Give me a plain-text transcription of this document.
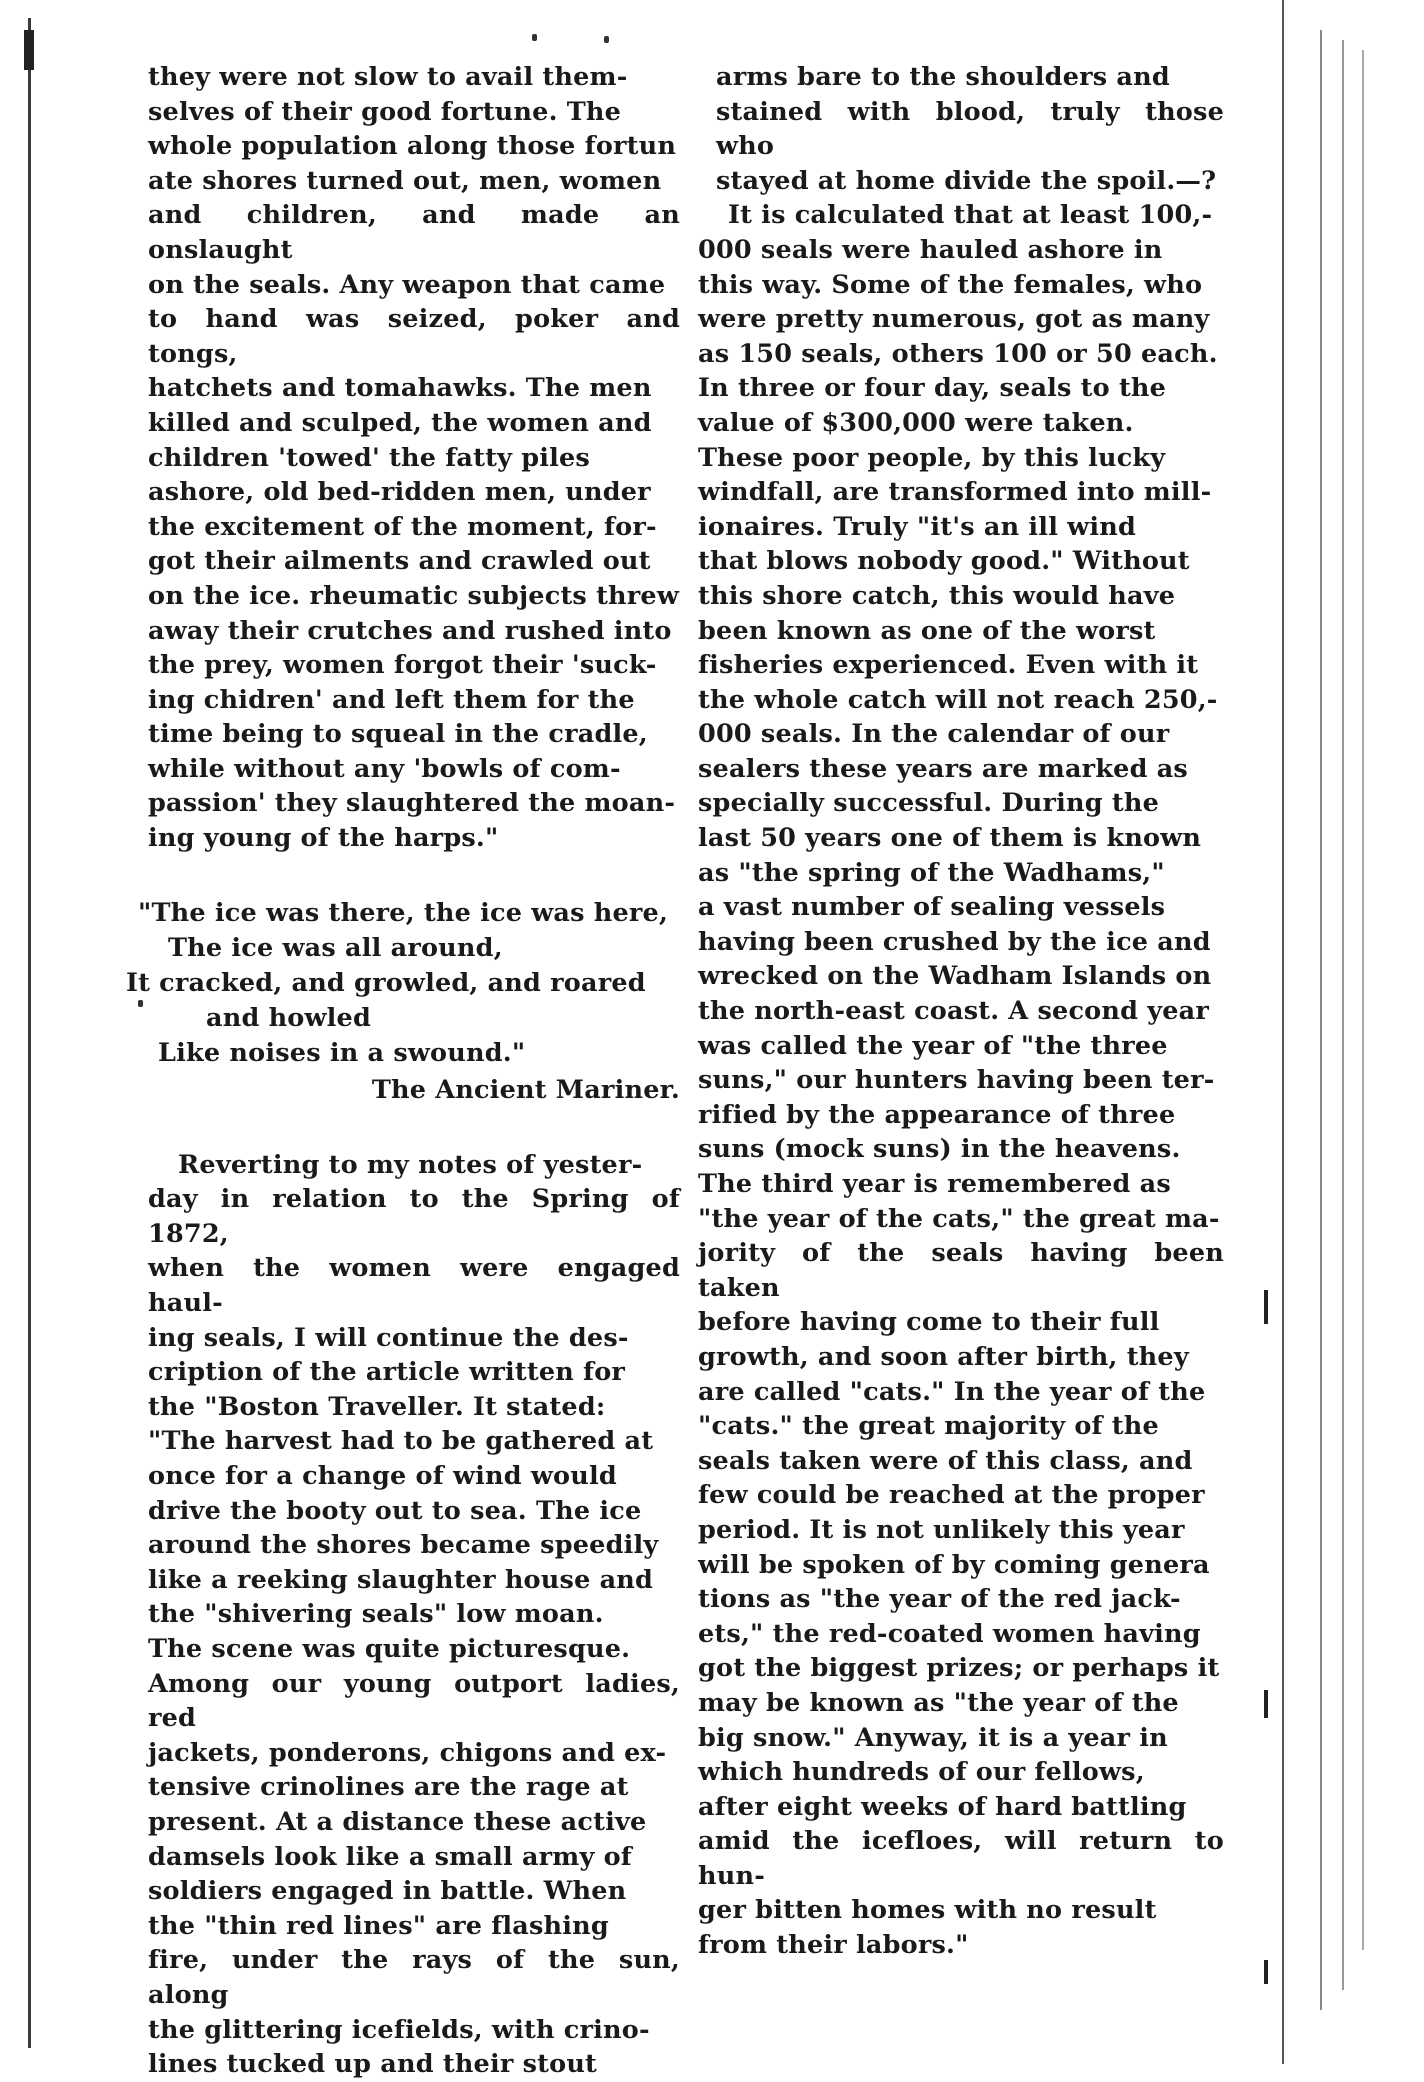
they were not slow to avail them-
selves of their good fortune. The
whole population along those fortun
ate shores turned out, men, women
and children, and made an onslaught
on the seals. Any weapon that came
to hand was seized, poker and tongs,
hatchets and tomahawks. The men
killed and sculped, the women and
children 'towed' the fatty piles
ashore, old bed-ridden men, under
the excitement of the moment, for-
got their ailments and crawled out
on the ice. rheumatic subjects threw
away their crutches and rushed into
the prey, women forgot their 'suck-
ing chidren' and left them for the
time being to squeal in the cradle,
while without any 'bowls of com-
passion' they slaughtered the moan-
ing young of the harps."

"The ice was there, the ice was here,
The ice was all around,
It cracked, and growled, and roared
and howled
Like noises in a swound."
The Ancient Mariner.

Reverting to my notes of yester-
day in relation to the Spring of 1872,
when the women were engaged haul-
ing seals, I will continue the des-
cription of the article written for
the "Boston Traveller. It stated:
"The harvest had to be gathered at
once for a change of wind would
drive the booty out to sea. The ice
around the shores became speedily
like a reeking slaughter house and
the "shivering seals" low moan.
The scene was quite picturesque.
Among our young outport ladies, red
jackets, ponderons, chigons and ex-
tensive crinolines are the rage at
present. At a distance these active
damsels look like a small army of
soldiers engaged in battle. When
the "thin red lines" are flashing
fire, under the rays of the sun, along
the glittering icefields, with crino-
lines tucked up and their stout

arms bare to the shoulders and
stained with blood, truly those who
stayed at home divide the spoil.—?

It is calculated that at least 100,-
000 seals were hauled ashore in
this way. Some of the females, who
were pretty numerous, got as many
as 150 seals, others 100 or 50 each.
In three or four day, seals to the
value of $300,000 were taken.
These poor people, by this lucky
windfall, are transformed into mill-
ionaires. Truly "it's an ill wind
that blows nobody good." Without
this shore catch, this would have
been known as one of the worst
fisheries experienced. Even with it
the whole catch will not reach 250,-
000 seals. In the calendar of our
sealers these years are marked as
specially successful. During the
last 50 years one of them is known
as "the spring of the Wadhams,"
a vast number of sealing vessels
having been crushed by the ice and
wrecked on the Wadham Islands on
the north-east coast. A second year
was called the year of "the three
suns," our hunters having been ter-
rified by the appearance of three
suns (mock suns) in the heavens.
The third year is remembered as
"the year of the cats," the great ma-
jority of the seals having been taken
before having come to their full
growth, and soon after birth, they
are called "cats." In the year of the
"cats." the great majority of the
seals taken were of this class, and
few could be reached at the proper
period. It is not unlikely this year
will be spoken of by coming genera
tions as "the year of the red jack-
ets," the red-coated women having
got the biggest prizes; or perhaps it
may be known as "the year of the
big snow." Anyway, it is a year in
which hundreds of our fellows,
after eight weeks of hard battling
amid the icefloes, will return to hun-
ger bitten homes with no result
from their labors."
